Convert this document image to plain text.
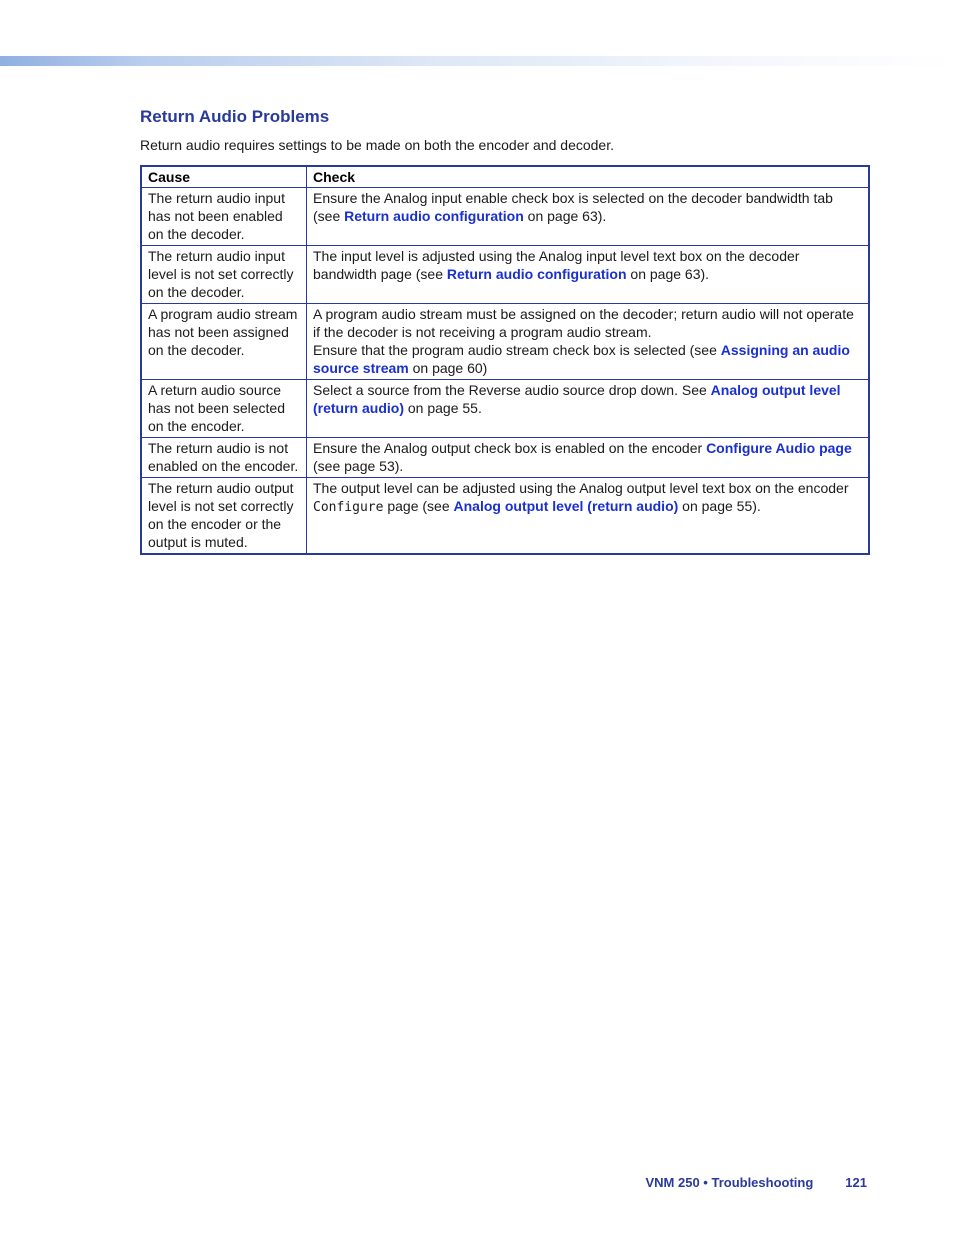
Return Audio Problems

Return audio requires settings to be made on both the encoder and decoder.

Cause	Check
The return audio input has not been enabled on the decoder.	Ensure the Analog input enable check box is selected on the decoder bandwidth tab (see Return audio configuration on page 63).
The return audio input level is not set correctly on the decoder.	The input level is adjusted using the Analog input level text box on the decoder bandwidth page (see Return audio configuration on page 63).
A program audio stream has not been assigned on the decoder.	A program audio stream must be assigned on the decoder; return audio will not operate if the decoder is not receiving a program audio stream.
Ensure that the program audio stream check box is selected (see Assigning an audio source stream on page 60)
A return audio source has not been selected on the encoder.	Select a source from the Reverse audio source drop down. See Analog output level (return audio) on page 55.
The return audio is not enabled on the encoder.	Ensure the Analog output check box is enabled on the encoder Configure Audio page (see page 53).
The return audio output level is not set correctly on the encoder or the output is muted.	The output level can be adjusted using the Analog output level text box on the encoder Configure page (see Analog output level (return audio) on page 55).
VNM 250 • Troubleshooting 121
